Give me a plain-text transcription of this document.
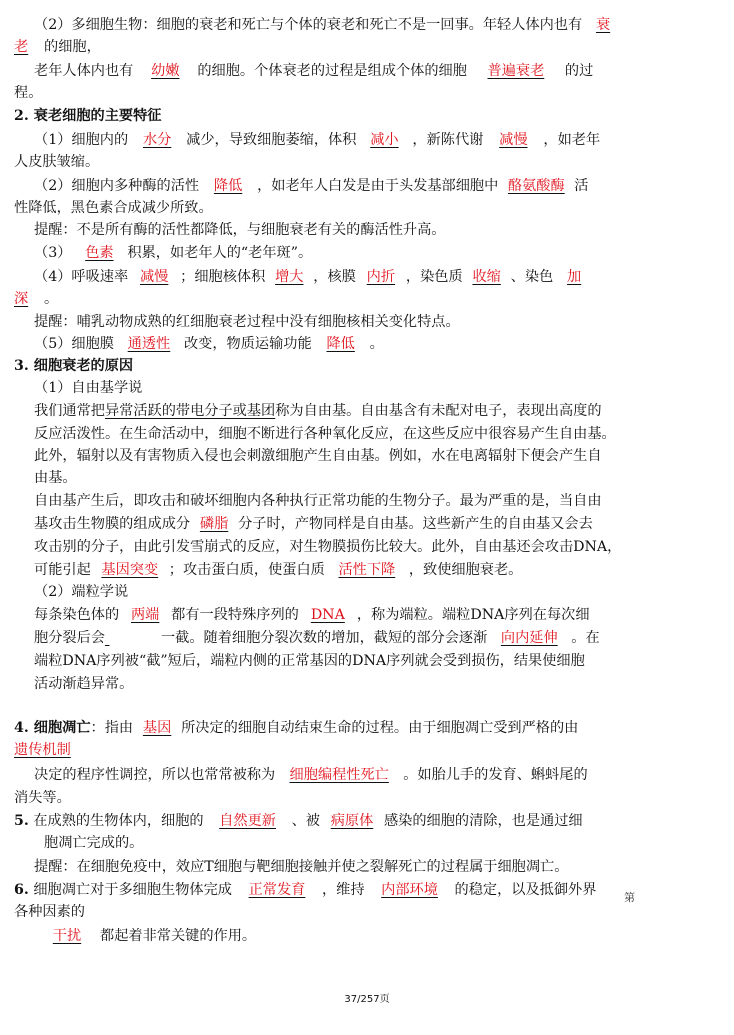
（2）多细胞生物：细胞的衰老和死亡与个体的衰老和死亡不是一回事。年轻人体内也有 衰
老 的细胞，
老年人体内也有 幼嫩 的细胞。个体衰老的过程是组成个体的细胞 普遍衰老 的过
程。
2. 衰老细胞的主要特征
（1）细胞内的 水分 减少，导致细胞萎缩，体积 减小 ，新陈代谢 减慢 ，如老年
人皮肤皱缩。
（2）细胞内多种酶的活性 降低 ，如老年人白发是由于头发基部细胞中 酪氨酸酶 活
性降低，黑色素合成减少所致。
提醒：不是所有酶的活性都降低，与细胞衰老有关的酶活性升高。
（3） 色素 积累，如老年人的“老年斑”。
（4）呼吸速率 减慢 ；细胞核体积 增大 ，核膜 内折 ，染色质 收缩 、染色 加
深 。
提醒：哺乳动物成熟的红细胞衰老过程中没有细胞核相关变化特点。
（5）细胞膜 通透性 改变，物质运输功能 降低 。
3. 细胞衰老的原因
（1）自由基学说
我们通常把异常活跃的带电分子或基团称为自由基。自由基含有未配对电子，表现出高度的
反应活泼性。在生命活动中，细胞不断进行各种氧化反应，在这些反应中很容易产生自由基。
此外，辐射以及有害物质入侵也会刺激细胞产生自由基。例如，水在电离辐射下便会产生自
由基。
自由基产生后，即攻击和破坏细胞内各种执行正常功能的生物分子。最为严重的是，当自由
基攻击生物膜的组成成分 磷脂 分子时，产物同样是自由基。这些新产生的自由基又会去
攻击别的分子，由此引发雪崩式的反应，对生物膜损伤比较大。此外，自由基还会攻击DNA，
可能引起 基因突变 ；攻击蛋白质，使蛋白质 活性下降 ，致使细胞衰老。
（2）端粒学说
每条染色体的 两端 都有一段特殊序列的 DNA ，称为端粒。端粒DNA序列在每次细
胞分裂后会	一截。随着细胞分裂次数的增加，截短的部分会逐渐 向内延伸 。在
端粒DNA序列被“截”短后，端粒内侧的正常基因的DNA序列就会受到损伤，结果使细胞
活动渐趋异常。
4. 细胞凋亡：指由 基因 所决定的细胞自动结束生命的过程。由于细胞凋亡受到严格的由
遗传机制
决定的程序性调控，所以也常常被称为 细胞编程性死亡 。如胎儿手的发育、蝌蚪尾的
消失等。
5. 在成熟的生物体内，细胞的 自然更新 、被 病原体 感染的细胞的清除，也是通过细
胞凋亡完成的。
提醒：在细胞免疫中，效应T细胞与靶细胞接触并使之裂解死亡的过程属于细胞凋亡。
6. 细胞凋亡对于多细胞生物体完成 正常发育 ，维持 内部环境 的稳定，以及抵御外界
各种因素的
干扰 都起着非常关键的作用。
第
37/257页
